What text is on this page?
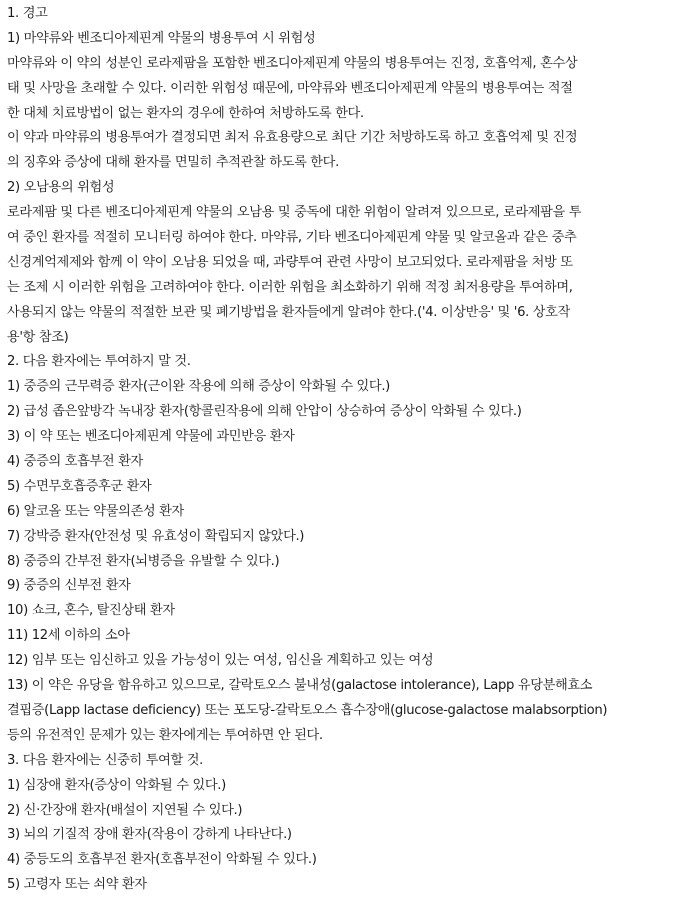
1. 경고
1) 마약류와 벤조디아제핀계 약물의 병용투여 시 위험성
마약류와 이 약의 성분인 로라제팜을 포함한 벤조디아제핀계 약물의 병용투여는 진정, 호흡억제, 혼수상
태 및 사망을 초래할 수 있다. 이러한 위험성 때문에, 마약류와 벤조디아제핀계 약물의 병용투여는 적절
한 대체 치료방법이 없는 환자의 경우에 한하여 처방하도록 한다.
이 약과 마약류의 병용투여가 결정되면 최저 유효용량으로 최단 기간 처방하도록 하고 호흡억제 및 진정
의 징후와 증상에 대해 환자를 면밀히 추적관찰 하도록 한다.
2) 오남용의 위험성
로라제팜 및 다른 벤조디아제핀계 약물의 오남용 및 중독에 대한 위험이 알려져 있으므로, 로라제팜을 투
여 중인 환자를 적절히 모니터링 하여야 한다. 마약류, 기타 벤조디아제핀계 약물 및 알코올과 같은 중추
신경계억제제와 함께 이 약이 오남용 되었을 때, 과량투여 관련 사망이 보고되었다. 로라제팜을 처방 또
는 조제 시 이러한 위험을 고려하여야 한다. 이러한 위험을 최소화하기 위해 적정 최저용량을 투여하며,
사용되지 않는 약물의 적절한 보관 및 폐기방법을 환자들에게 알려야 한다.('4. 이상반응' 및 '6. 상호작
용'항 참조)
2. 다음 환자에는 투여하지 말 것.
1) 중증의 근무력증 환자(근이완 작용에 의해 증상이 악화될 수 있다.)
2) 급성 좁은앞방각 녹내장 환자(항콜린작용에 의해 안압이 상승하여 증상이 악화될 수 있다.)
3) 이 약 또는 벤조디아제핀계 약물에 과민반응 환자
4) 중증의 호흡부전 환자
5) 수면무호흡증후군 환자
6) 알코올 또는 약물의존성 환자
7) 강박증 환자(안전성 및 유효성이 확립되지 않았다.)
8) 중증의 간부전 환자(뇌병증을 유발할 수 있다.)
9) 중증의 신부전 환자
10) 쇼크, 혼수, 탈진상태 환자
11) 12세 이하의 소아
12) 임부 또는 임신하고 있을 가능성이 있는 여성, 임신을 계획하고 있는 여성
13) 이 약은 유당을 함유하고 있으므로, 갈락토오스 불내성(galactose intolerance), Lapp 유당분해효소
결핍증(Lapp lactase deficiency) 또는 포도당-갈락토오스 흡수장애(glucose-galactose malabsorption)
등의 유전적인 문제가 있는 환자에게는 투여하면 안 된다.
3. 다음 환자에는 신중히 투여할 것.
1) 심장애 환자(증상이 악화될 수 있다.)
2) 신·간장애 환자(배설이 지연될 수 있다.)
3) 뇌의 기질적 장애 환자(작용이 강하게 나타난다.)
4) 중등도의 호흡부전 환자(호흡부전이 악화될 수 있다.)
5) 고령자 또는 쇠약 환자
